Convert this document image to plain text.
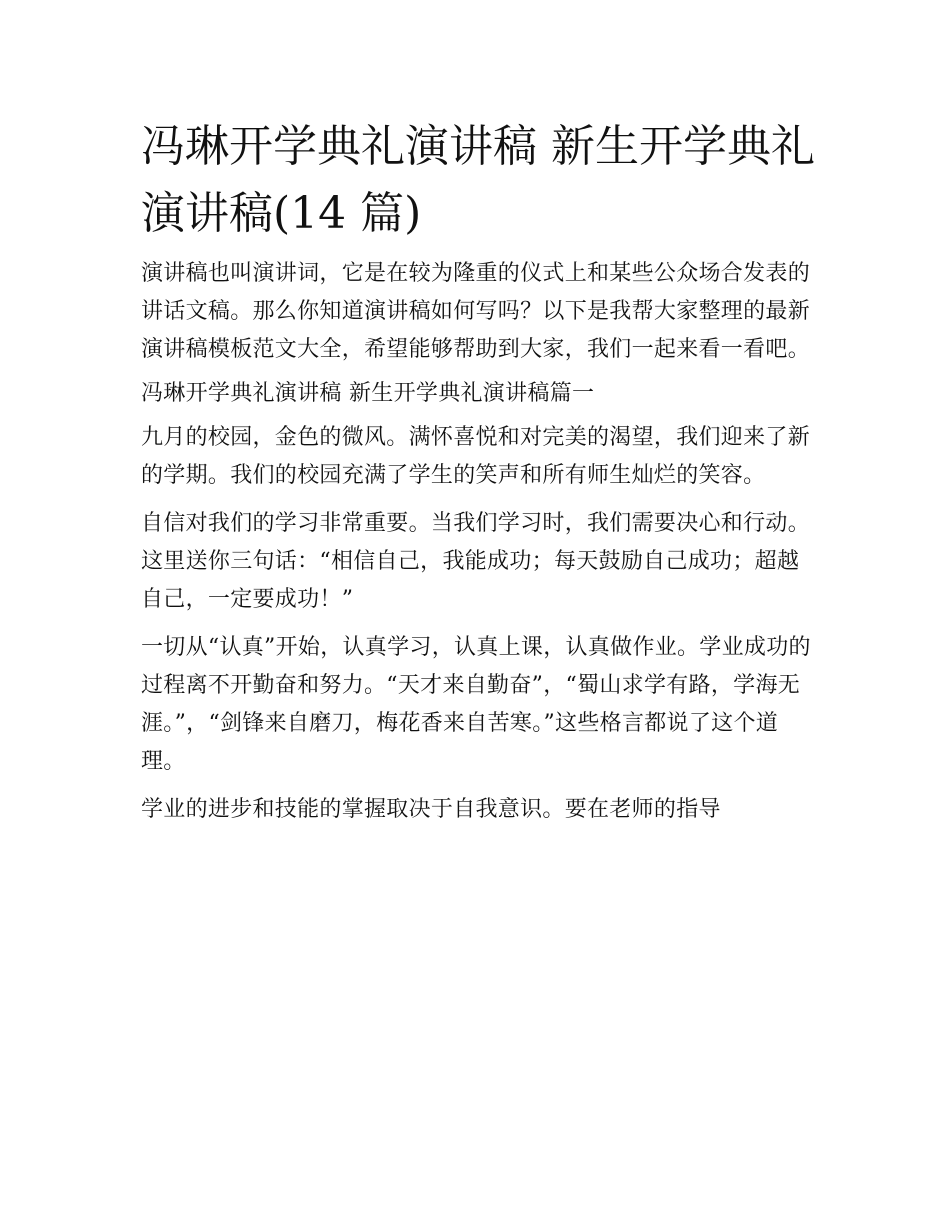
冯琳开学典礼演讲稿 新生开学典礼演讲稿(14 篇)

演讲稿也叫演讲词，它是在较为隆重的仪式上和某些公众场合发表的讲话文稿。那么你知道演讲稿如何写吗？以下是我帮大家整理的最新演讲稿模板范文大全，希望能够帮助到大家，我们一起来看一看吧。

冯琳开学典礼演讲稿 新生开学典礼演讲稿篇一

九月的校园，金色的微风。满怀喜悦和对完美的渴望，我们迎来了新的学期。我们的校园充满了学生的笑声和所有师生灿烂的笑容。

自信对我们的学习非常重要。当我们学习时，我们需要决心和行动。这里送你三句话：“相信自己，我能成功；每天鼓励自己成功；超越自己，一定要成功！”

一切从“认真”开始，认真学习，认真上课，认真做作业。学业成功的过程离不开勤奋和努力。“天才来自勤奋”，“蜀山求学有路，学海无涯。”，“剑锋来自磨刀，梅花香来自苦寒。”这些格言都说了这个道理。

学业的进步和技能的掌握取决于自我意识。要在老师的指导
